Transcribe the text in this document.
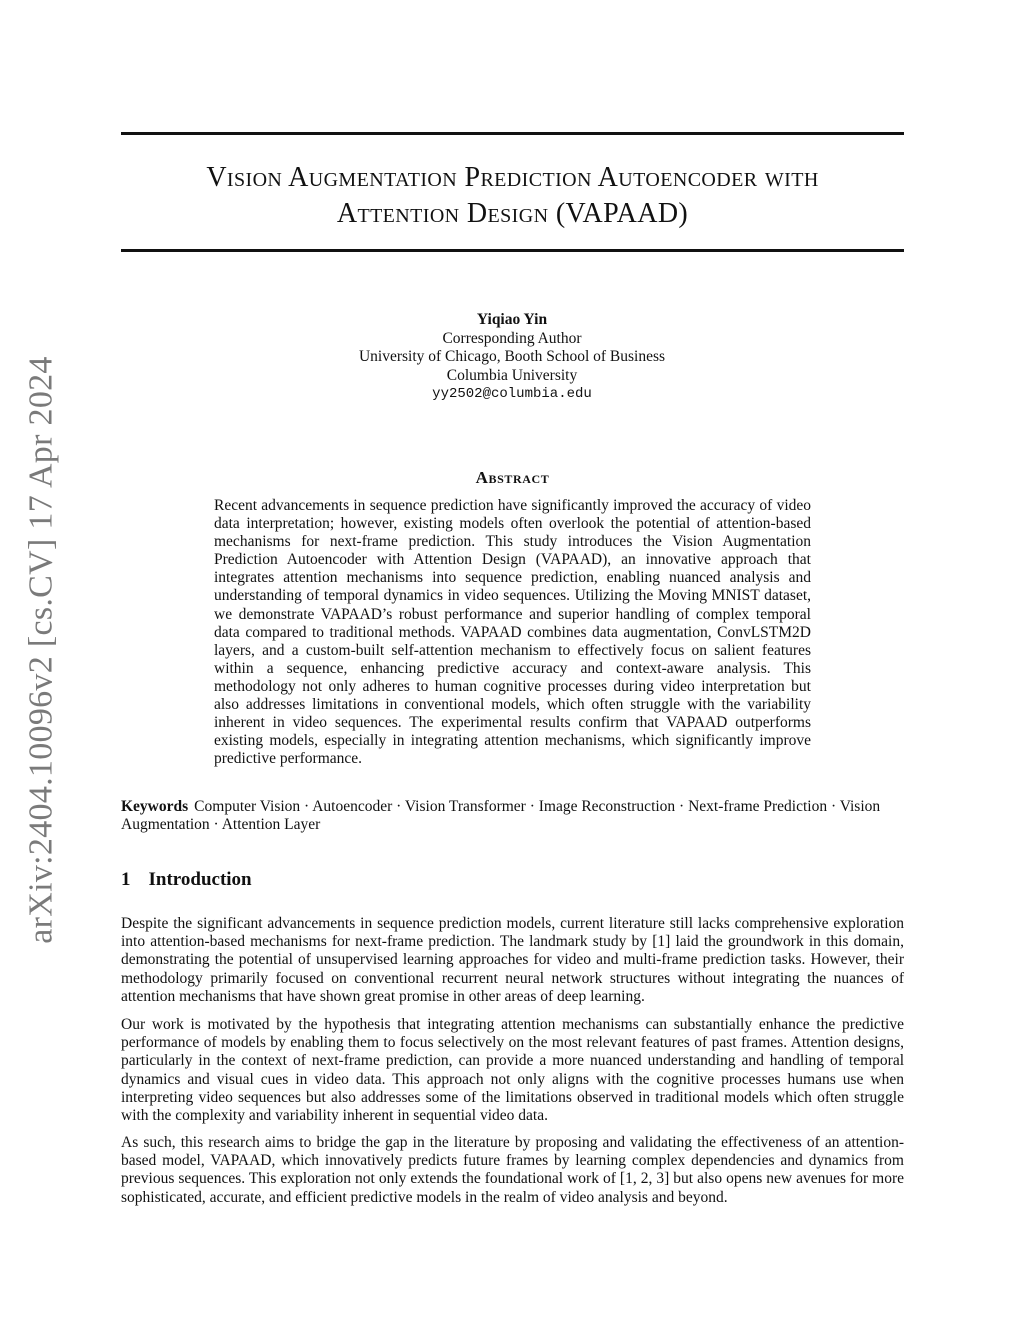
arXiv:2404.10096v2 [cs.CV] 17 Apr 2024
Vision Augmentation Prediction Autoencoder with
Attention Design (VAPAAD)
Yiqiao Yin
Corresponding Author
University of Chicago, Booth School of Business
Columbia University
yy2502@columbia.edu
Abstract

Recent advancements in sequence prediction have significantly improved the accuracy of video data interpretation; however, existing models often overlook the potential of attention-based mechanisms for next-frame prediction. This study introduces the Vision Augmentation Prediction Autoencoder with Attention Design (VAPAAD), an innovative approach that integrates attention mechanisms into sequence prediction, enabling nuanced analysis and understanding of temporal dynamics in video sequences. Utilizing the Moving MNIST dataset, we demonstrate VAPAAD’s robust performance and superior handling of complex temporal data compared to traditional methods. VAPAAD combines data augmentation, ConvLSTM2D layers, and a custom-built self-attention mechanism to effectively focus on salient features within a sequence, enhancing predictive accuracy and context-aware analysis. This methodology not only adheres to human cognitive processes during video interpretation but also addresses limitations in conventional models, which often struggle with the variability inherent in video sequences. The experimental results confirm that VAPAAD outperforms existing models, especially in integrating attention mechanisms, which significantly improve predictive performance.

Keywords Computer Vision · Autoencoder · Vision Transformer · Image Reconstruction · Next-frame Prediction · Vision Augmentation · Attention Layer

1 Introduction

Despite the significant advancements in sequence prediction models, current literature still lacks comprehensive exploration into attention-based mechanisms for next-frame prediction. The landmark study by [1] laid the groundwork in this domain, demonstrating the potential of unsupervised learning approaches for video and multi-frame prediction tasks. However, their methodology primarily focused on conventional recurrent neural network structures without integrating the nuances of attention mechanisms that have shown great promise in other areas of deep learning.

Our work is motivated by the hypothesis that integrating attention mechanisms can substantially enhance the predictive performance of models by enabling them to focus selectively on the most relevant features of past frames. Attention designs, particularly in the context of next-frame prediction, can provide a more nuanced understanding and handling of temporal dynamics and visual cues in video data. This approach not only aligns with the cognitive processes humans use when interpreting video sequences but also addresses some of the limitations observed in traditional models which often struggle with the complexity and variability inherent in sequential video data.

As such, this research aims to bridge the gap in the literature by proposing and validating the effectiveness of an attention-based model, VAPAAD, which innovatively predicts future frames by learning complex dependencies and dynamics from previous sequences. This exploration not only extends the foundational work of [1, 2, 3] but also opens new avenues for more sophisticated, accurate, and efficient predictive models in the realm of video analysis and beyond.
